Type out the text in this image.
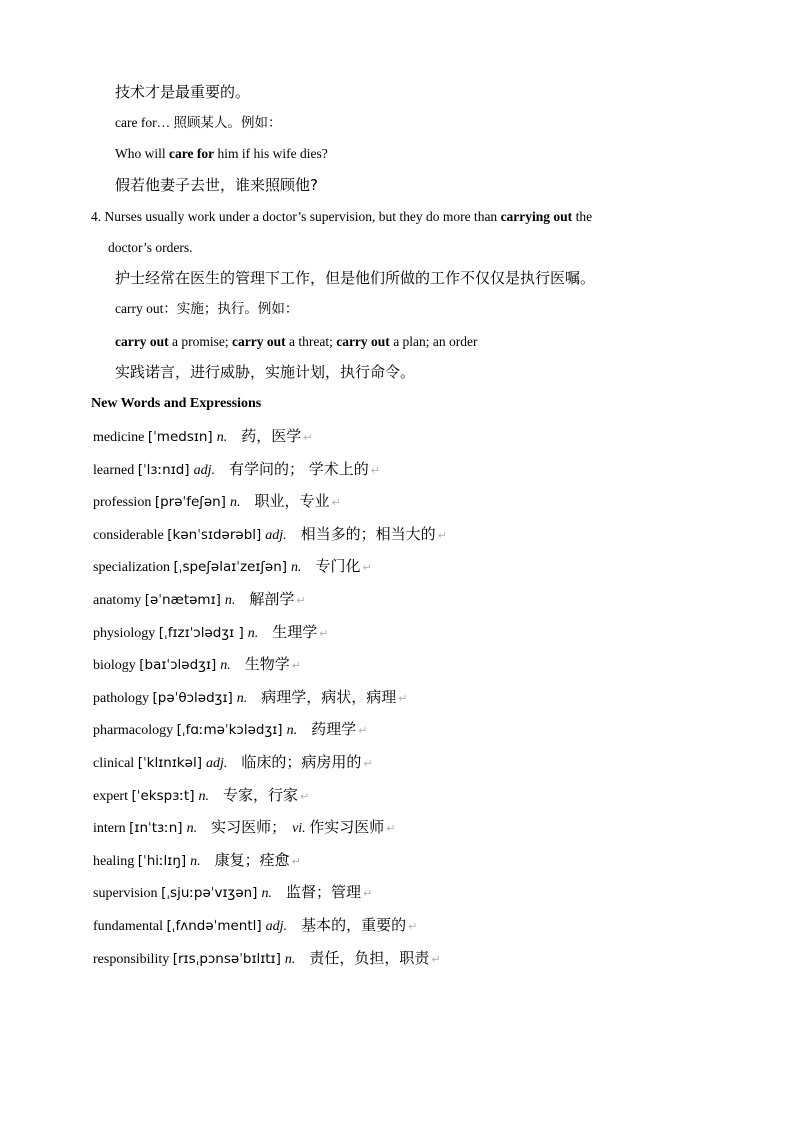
技术才是最重要的。
care for… 照顾某人。例如：
Who will care for him if his wife dies?
假若他妻子去世，谁来照顾他?
4. Nurses usually work under a doctor’s supervision, but they do more than carrying out the
doctor’s orders.
护士经常在医生的管理下工作，但是他们所做的工作不仅仅是执行医嘱。
carry out：实施；执行。例如：
carry out a promise; carry out a threat; carry out a plan; an order
实践诺言，进行威胁，实施计划，执行命令。
New Words and Expressions
medicine [ˈmedsɪn] n. 药，医学 ↵
learned [ˈlɜːnɪd] adj. 有学问的； 学术上的 ↵
profession [prəˈfeʃən] n. 职业，专业 ↵
considerable [kənˈsɪdərəbl] adj. 相当多的；相当大的 ↵
specialization [ˌspeʃəlaɪˈzeɪʃən] n. 专门化 ↵
anatomy [əˈnætəmɪ] n. 解剖学 ↵
physiology [ˌfɪzɪˈɔlədʒɪ ] n. 生理学 ↵
biology [baɪˈɔlədʒɪ] n. 生物学 ↵
pathology [pəˈθɔlədʒɪ] n. 病理学，病状，病理 ↵
pharmacology [ˌfɑːməˈkɔlədʒɪ] n. 药理学 ↵
clinical [ˈklɪnɪkəl] adj. 临床的；病房用的 ↵
expert [ˈekspɜːt] n. 专家，行家 ↵
intern [ɪnˈtɜːn] n. 实习医师； vi. 作实习医师 ↵
healing [ˈhiːlɪŋ] n. 康复；痊愈 ↵
supervision [ˌsjuːpəˈvɪʒən] n. 监督；管理 ↵
fundamental [ˌfʌndəˈmentl] adj. 基本的，重要的 ↵
responsibility [rɪsˌpɔnsəˈbɪlɪtɪ] n. 责任，负担，职责 ↵
